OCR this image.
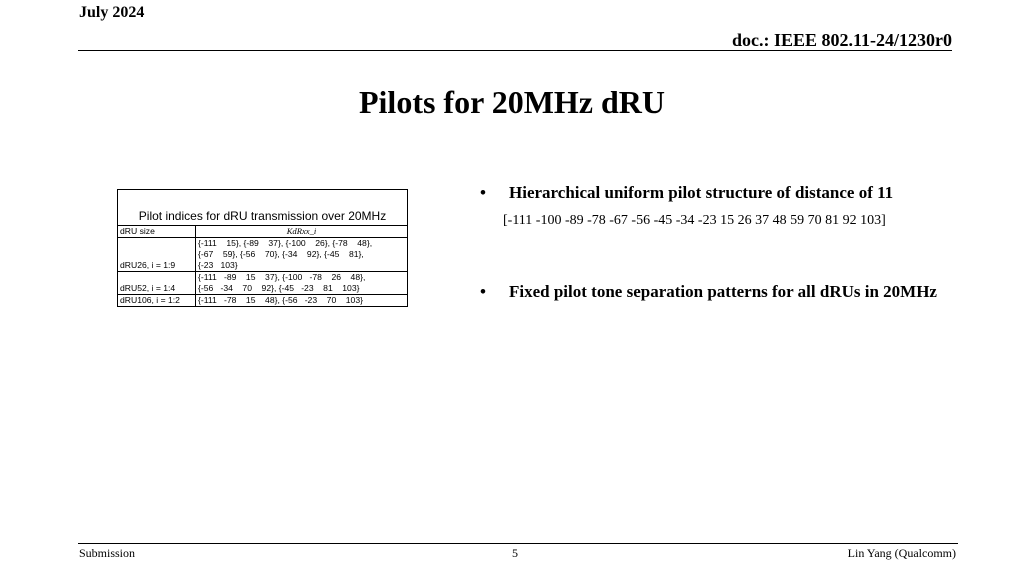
July 2024
doc.: IEEE 802.11-24/1230r0
Pilots for 20MHz dRU
Pilot indices for dRU transmission over 20MHz	
dRU size	KdRxx_i
dRU26, i = 1:9	{-111    15}, {-89    37}, {-100    26}, {-78    48},
{-67    59}, {-56    70}, {-34    92}, {-45    81},
{-23   103}
dRU52, i = 1:4	{-111   -89    15    37}, {-100   -78    26    48},
{-56   -34    70    92}, {-45   -23    81    103}
dRU106, i = 1:2	{-111   -78    15    48}, {-56   -23    70    103}
• Hierarchical uniform pilot structure of distance of 11
[-111 -100 -89 -78 -67 -56 -45 -34 -23 15 26 37 48 59 70 81 92 103]
• Fixed pilot tone separation patterns for all dRUs in 20MHz
Submission	5	Lin Yang (Qualcomm)
